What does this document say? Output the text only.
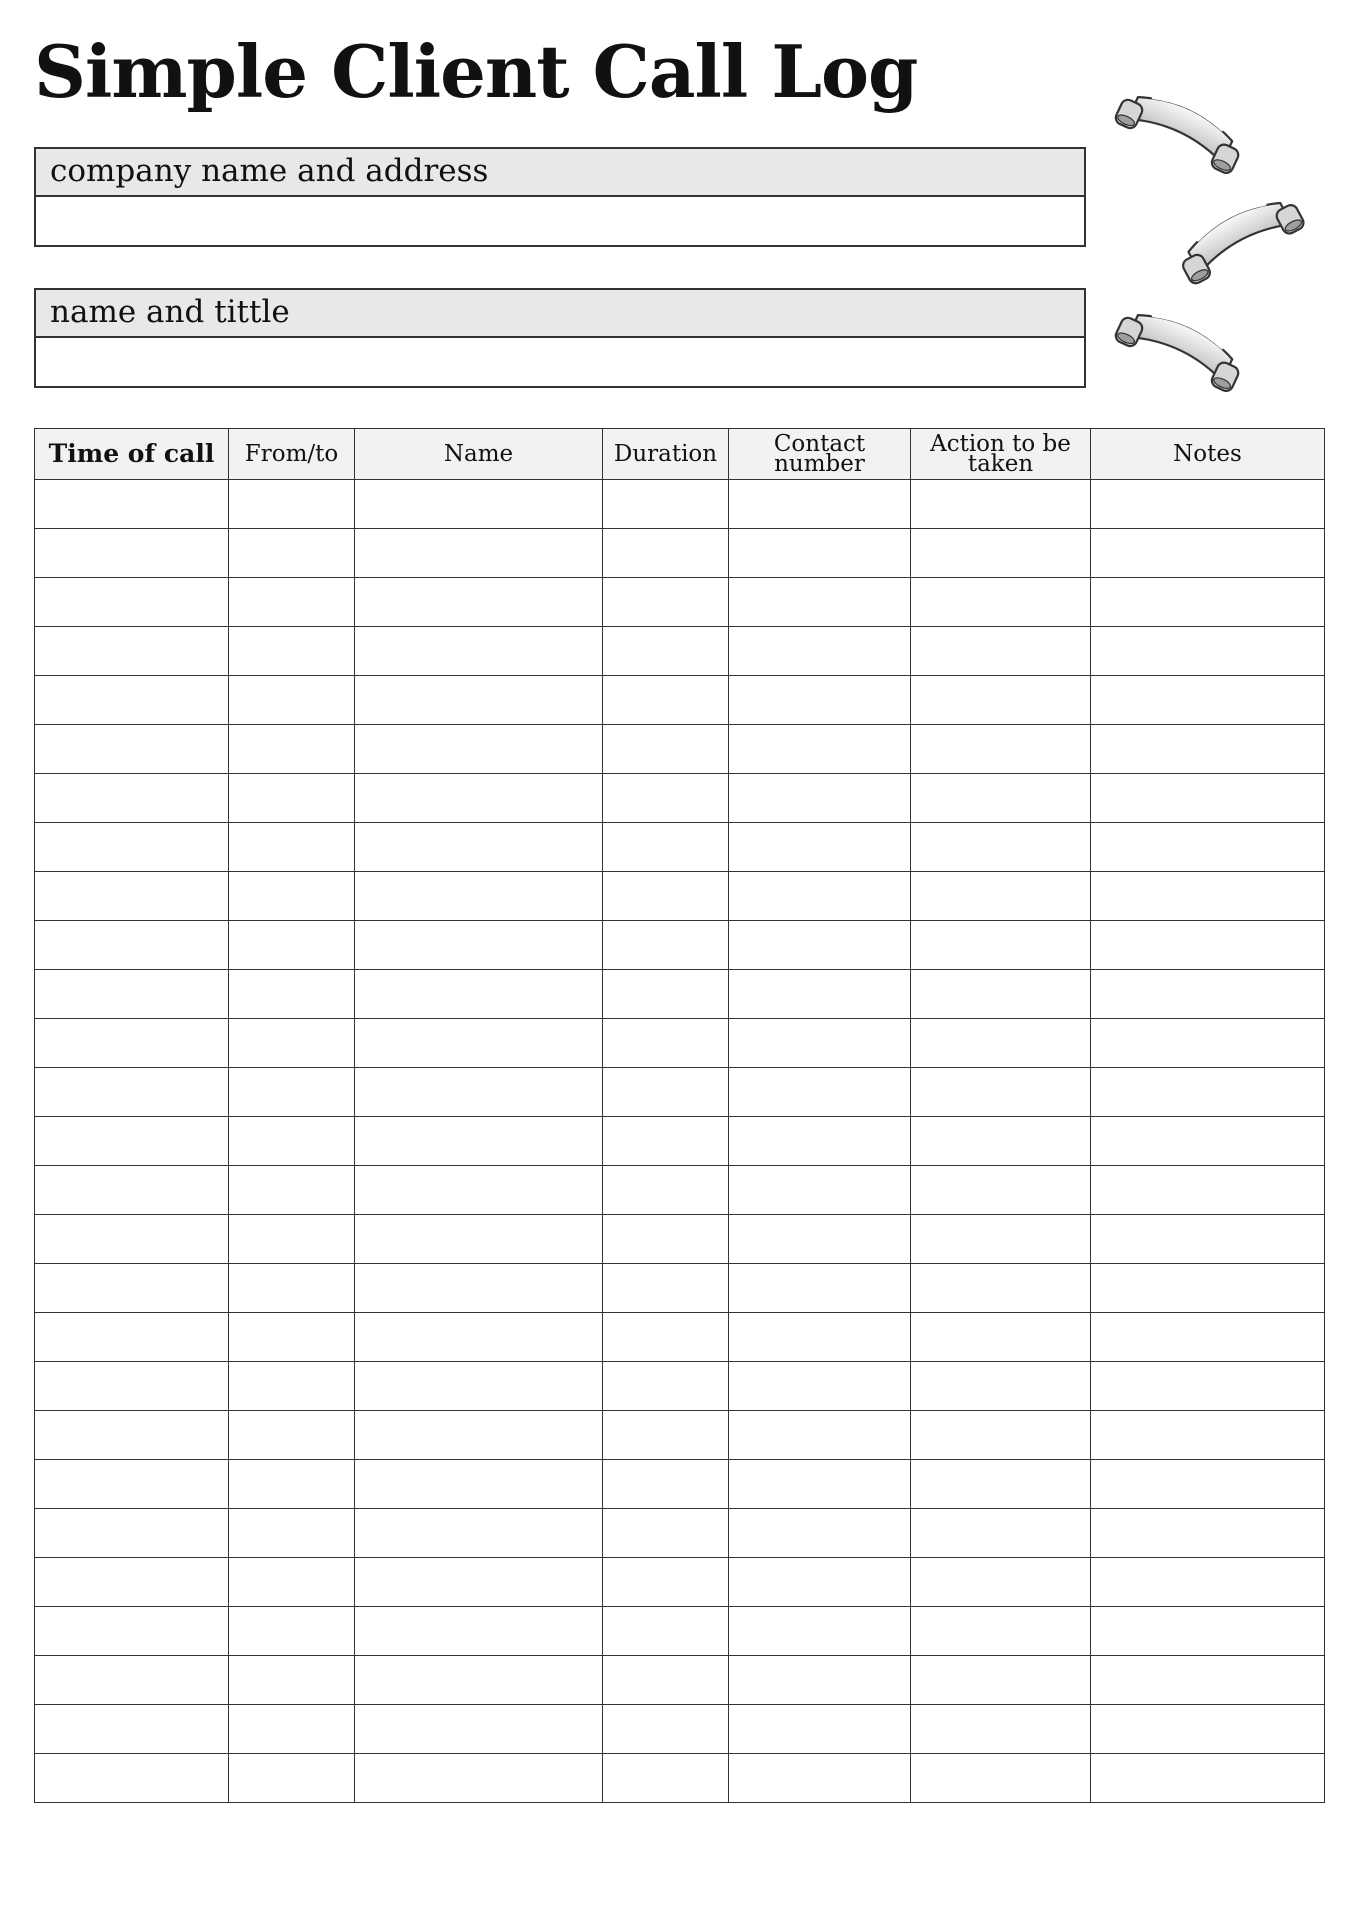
Simple Client Call Log
company name and address
name and tittle
Time of call	From/to	Name	Duration	Contact number	Action to be taken	Notes
